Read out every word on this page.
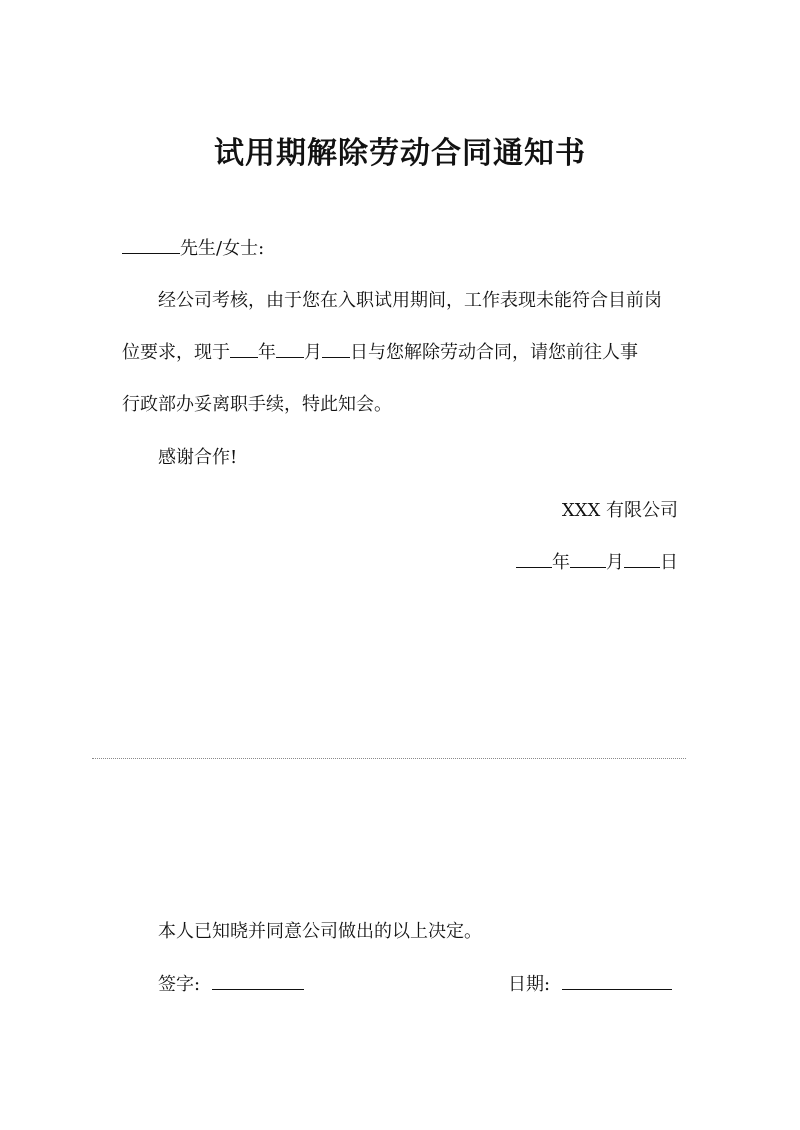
试用期解除劳动合同通知书
先生/女士:
经公司考核，由于您在入职试用期间，工作表现未能符合目前岗
位要求，现于 年 月 日与您解除劳动合同，请您前往人事
行政部办妥离职手续，特此知会。
感谢合作!
XXX 有限公司
年 月 日
本人已知晓并同意公司做出的以上决定。
签字:	日期:
